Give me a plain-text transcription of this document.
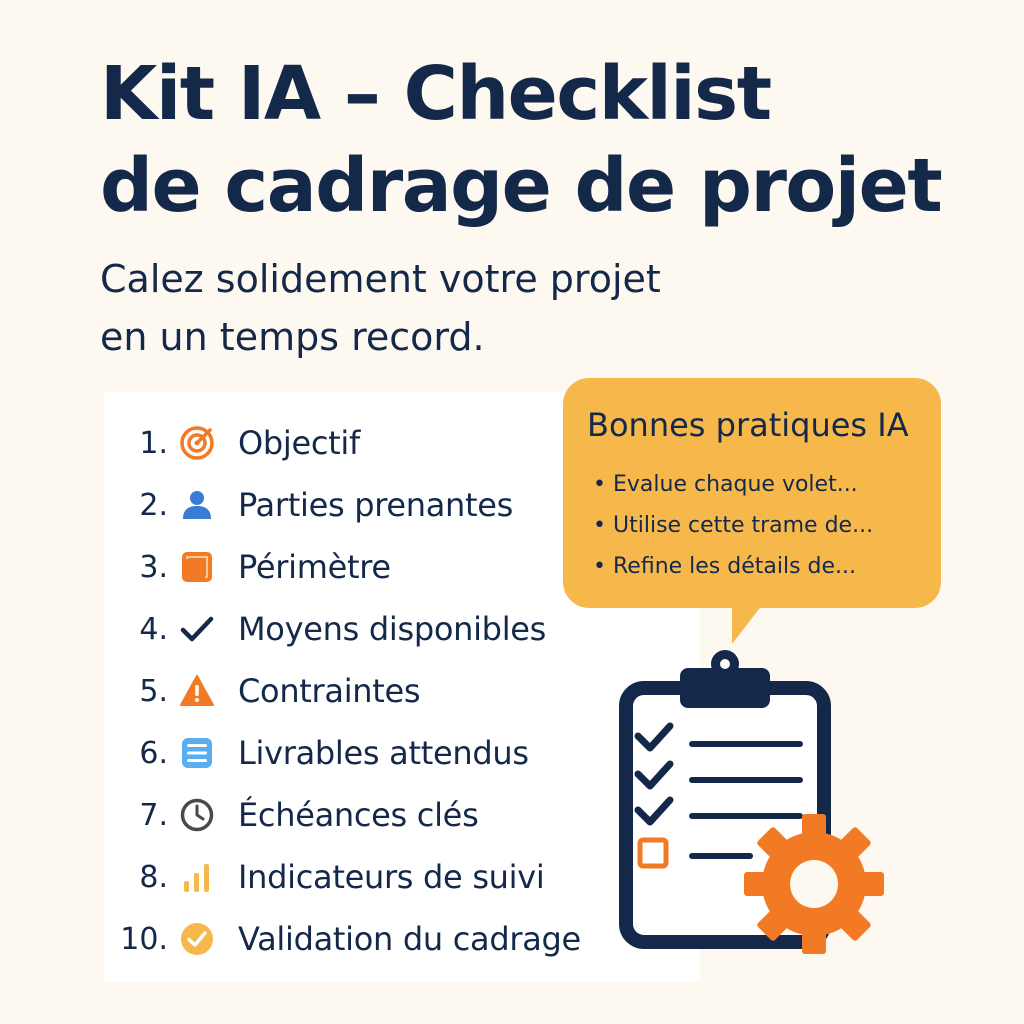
Kit IA – Checklist
de cadrage de projet

Calez solidement votre projet
en un temps record.

1. Objectif
2. Parties prenantes
3. Périmètre
4. Moyens disponibles
5. Contraintes
6. Livrables attendus
7. Échéances clés
8. Indicateurs de suivi
10. Validation du cadrage
Bonnes pratiques IA
• Evalue chaque volet...
• Utilise cette trame de...
• Refine les détails de...
